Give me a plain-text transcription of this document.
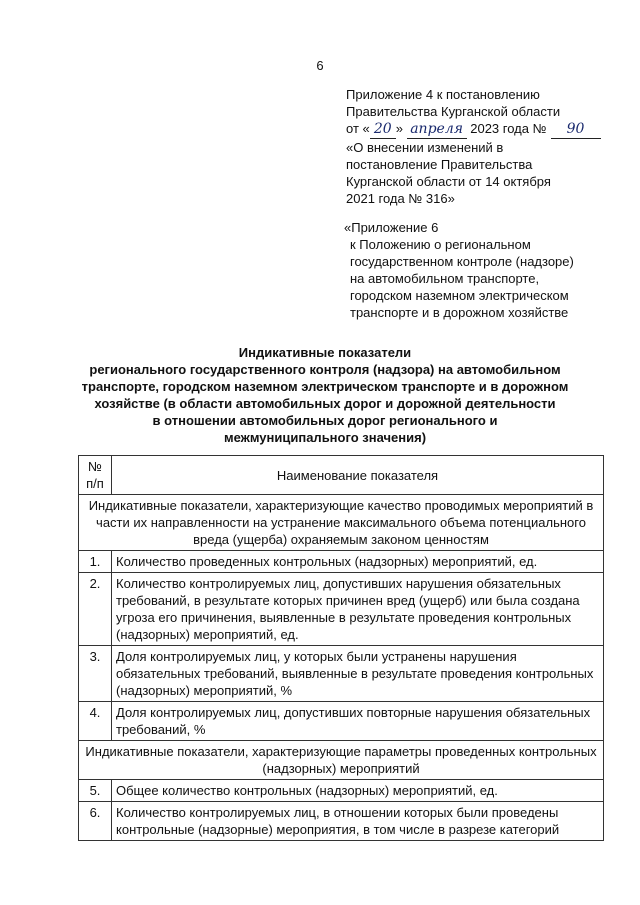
6
Приложение 4 к постановлению
Правительства Курганской области
от « 20 » апреля 2023 года № 90
«О внесении изменений в
постановление Правительства
Курганской области от 14 октября
2021 года № 316»
«Приложение 6
к Положению о региональном
государственном контроле (надзоре)
на автомобильном транспорте,
городском наземном электрическом
транспорте и в дорожном хозяйстве
Индикативные показатели
регионального государственного контроля (надзора) на автомобильном
транспорте, городском наземном электрическом транспорте и в дорожном
хозяйстве (в области автомобильных дорог и дорожной деятельности
в отношении автомобильных дорог регионального и
межмуниципального значения)
№ п/п	Наименование показателя
Индикативные показатели, характеризующие качество проводимых мероприятий в части их направленности на устранение максимального объема потенциального вреда (ущерба) охраняемым законом ценностям	
1.	Количество проведенных контрольных (надзорных) мероприятий, ед.
2.	Количество контролируемых лиц, допустивших нарушения обязательных требований, в результате которых причинен вред (ущерб) или была создана угроза его причинения, выявленные в результате проведения контрольных (надзорных) мероприятий, ед.
3.	Доля контролируемых лиц, у которых были устранены нарушения обязательных требований, выявленные в результате проведения контрольных (надзорных) мероприятий, %
4.	Доля контролируемых лиц, допустивших повторные нарушения обязательных требований, %
Индикативные показатели, характеризующие параметры проведенных контрольных (надзорных) мероприятий	
5.	Общее количество контрольных (надзорных) мероприятий, ед.
6.	Количество контролируемых лиц, в отношении которых были проведены контрольные (надзорные) мероприятия, в том числе в разрезе категорий
